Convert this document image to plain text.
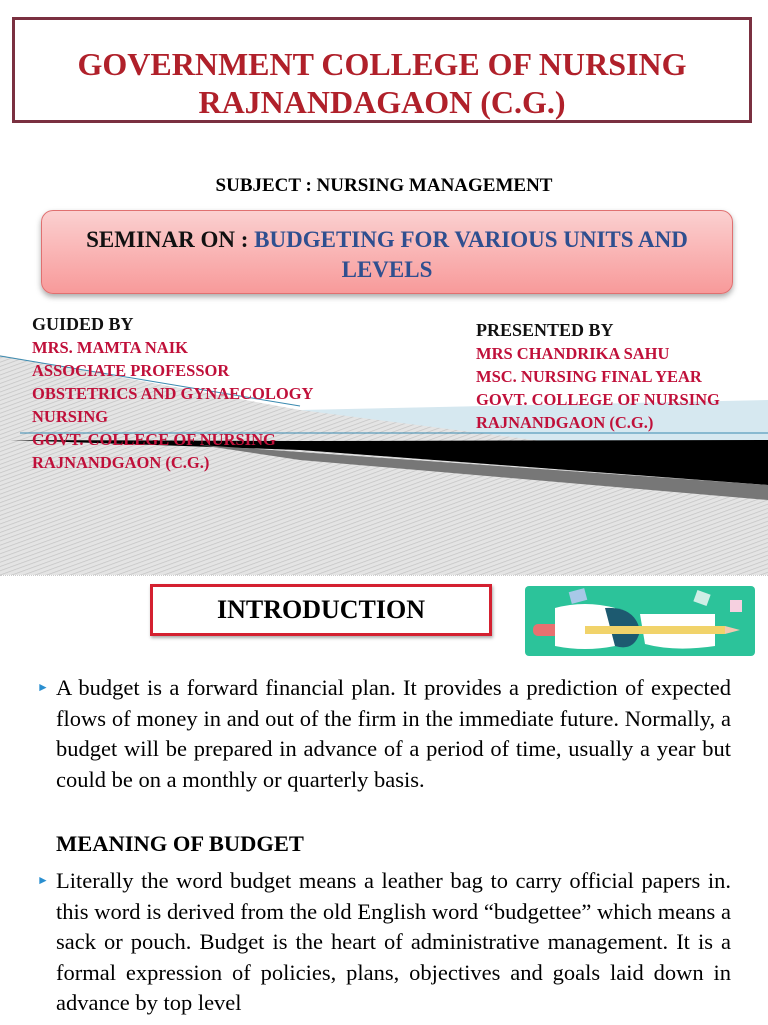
GOVERNMENT COLLEGE OF NURSING
RAJNANDAGAON (C.G.)
SUBJECT : NURSING MANAGEMENT
SEMINAR ON : BUDGETING FOR VARIOUS UNITS AND LEVELS
GUIDED BY
MRS. MAMTA NAIK
ASSOCIATE PROFESSOR
OBSTETRICS AND GYNAECOLOGY
NURSING
GOVT. COLLEGE OF NURSING
RAJNANDGAON (C.G.)
PRESENTED BY
MRS CHANDRIKA SAHU
MSC. NURSING FINAL YEAR
GOVT. COLLEGE OF NURSING
RAJNANDGAON (C.G.)
INTRODUCTION
► A budget is a forward financial plan. It provides a prediction of expected flows of money in and out of the firm in the immediate future. Normally, a budget will be prepared in advance of a period of time, usually a year but could be on a monthly or quarterly basis.
MEANING OF BUDGET
► Literally the word budget means a leather bag to carry official papers in. this word is derived from the old English word “budgettee” which means a sack or pouch. Budget is the heart of administrative management. It is a formal expression of policies, plans, objectives and goals laid down in advance by top level
